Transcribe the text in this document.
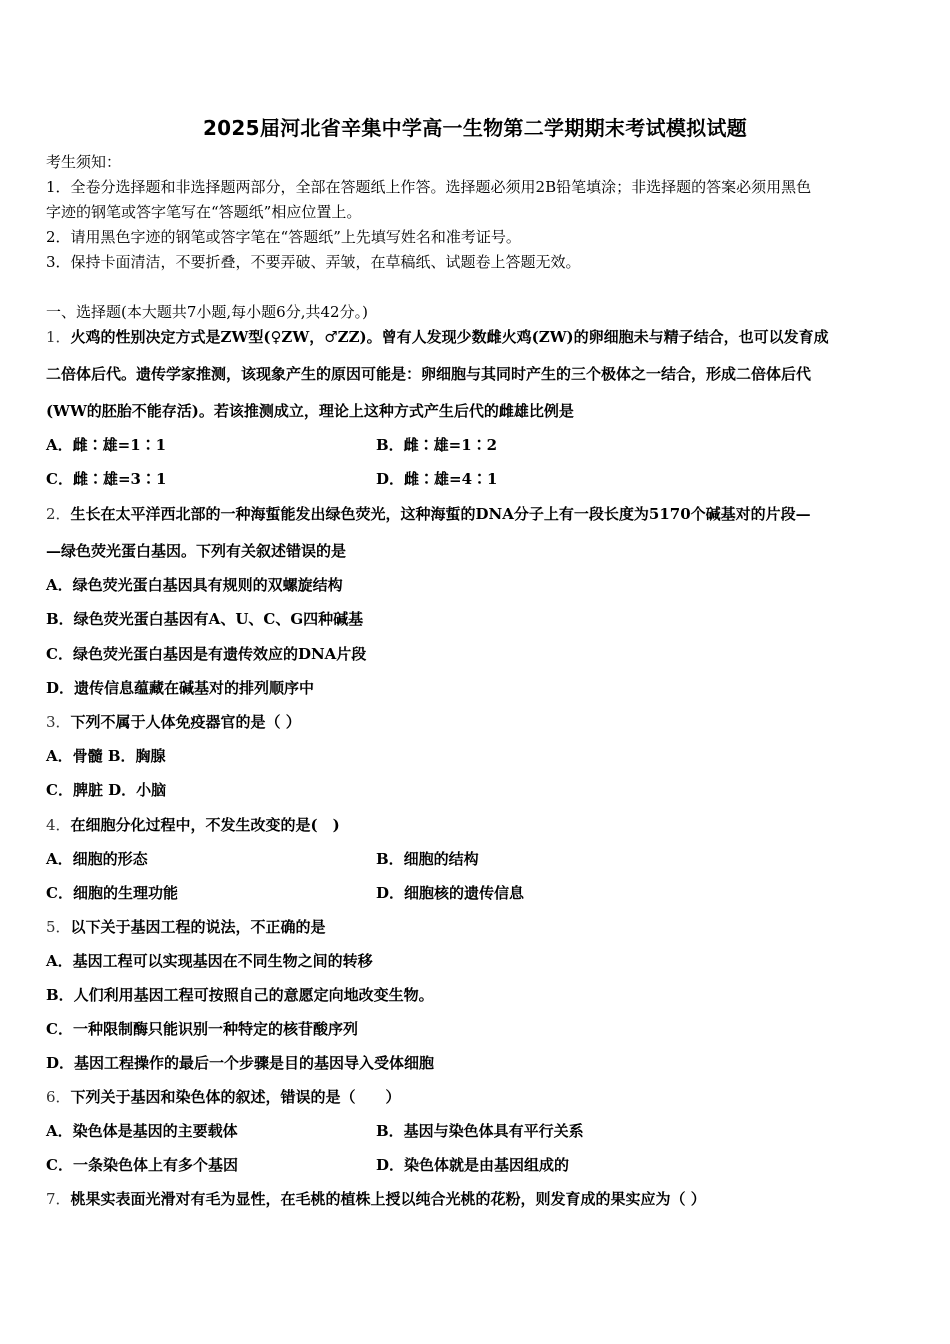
2025届河北省辛集中学高一生物第二学期期末考试模拟试题
考生须知：
1．全卷分选择题和非选择题两部分，全部在答题纸上作答。选择题必须用2B铅笔填涂；非选择题的答案必须用黑色
字迹的钢笔或答字笔写在“答题纸”相应位置上。
2．请用黑色字迹的钢笔或答字笔在“答题纸”上先填写姓名和准考证号。
3．保持卡面清洁，不要折叠，不要弄破、弄皱，在草稿纸、试题卷上答题无效。
一、选择题(本大题共7小题,每小题6分,共42分。)
1．火鸡的性别决定方式是ZW型(♀ZW，♂ZZ)。曾有人发现少数雌火鸡(ZW)的卵细胞未与精子结合，也可以发育成
二倍体后代。遗传学家推测，该现象产生的原因可能是：卵细胞与其同时产生的三个极体之一结合，形成二倍体后代
(WW的胚胎不能存活)。若该推测成立，理论上这种方式产生后代的雌雄比例是
A．雌∶雄=1∶1	B．雌∶雄=1∶2
C．雌∶雄=3∶1	D．雌∶雄=4∶1
2．生长在太平洋西北部的一种海蜇能发出绿色荧光，这种海蜇的DNA分子上有一段长度为5170个碱基对的片段—
—绿色荧光蛋白基因。下列有关叙述错误的是
A．绿色荧光蛋白基因具有规则的双螺旋结构
B．绿色荧光蛋白基因有A、U、C、G四种碱基
C．绿色荧光蛋白基因是有遗传效应的DNA片段
D．遗传信息蕴藏在碱基对的排列顺序中
3．下列不属于人体免疫器官的是（ ）
A．骨髓 B．胸腺
C．脾脏 D．小脑
4．在细胞分化过程中，不发生改变的是(　)
A．细胞的形态	B．细胞的结构
C．细胞的生理功能	D．细胞核的遗传信息
5．以下关于基因工程的说法，不正确的是
A．基因工程可以实现基因在不同生物之间的转移
B．人们利用基因工程可按照自己的意愿定向地改变生物。
C．一种限制酶只能识别一种特定的核苷酸序列
D．基因工程操作的最后一个步骤是目的基因导入受体细胞
6．下列关于基因和染色体的叙述，错误的是（　　）
A．染色体是基因的主要载体	B．基因与染色体具有平行关系
C．一条染色体上有多个基因	D．染色体就是由基因组成的
7．桃果实表面光滑对有毛为显性，在毛桃的植株上授以纯合光桃的花粉，则发育成的果实应为（ ）
